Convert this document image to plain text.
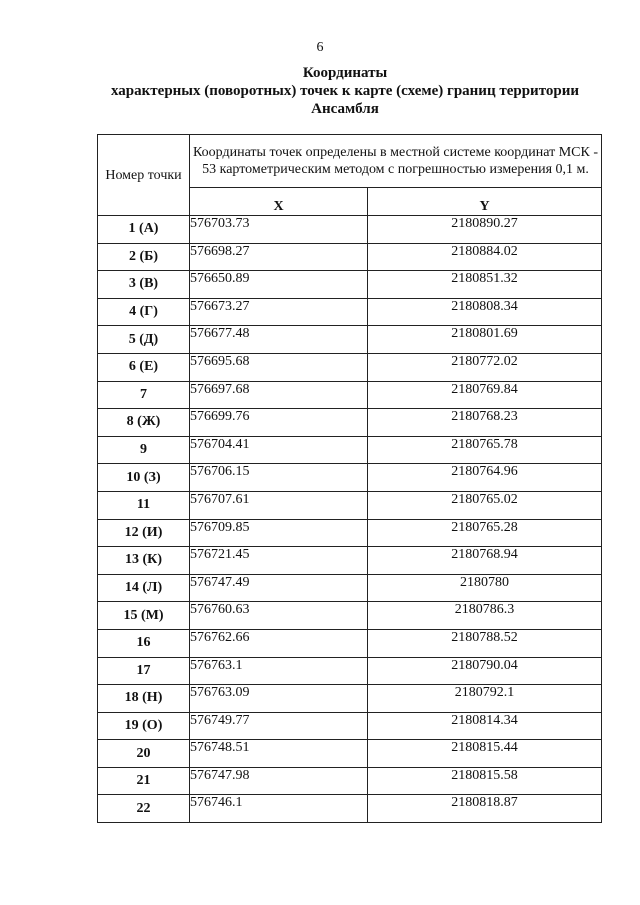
6
Координаты
характерных (поворотных) точек к карте (схеме) границ территории
Ансамбля
Номер точки	Координаты точек определены в местной системе координат МСК - 53 картометрическим методом с погрешностью измерения 0,1 м.	
	X	Y
1 (А)	576703.73	2180890.27
2 (Б)	576698.27	2180884.02
3 (В)	576650.89	2180851.32
4 (Г)	576673.27	2180808.34
5 (Д)	576677.48	2180801.69
6 (Е)	576695.68	2180772.02
7	576697.68	2180769.84
8 (Ж)	576699.76	2180768.23
9	576704.41	2180765.78
10 (З)	576706.15	2180764.96
11	576707.61	2180765.02
12 (И)	576709.85	2180765.28
13 (К)	576721.45	2180768.94
14 (Л)	576747.49	2180780
15 (М)	576760.63	2180786.3
16	576762.66	2180788.52
17	576763.1	2180790.04
18 (Н)	576763.09	2180792.1
19 (О)	576749.77	2180814.34
20	576748.51	2180815.44
21	576747.98	2180815.58
22	576746.1	2180818.87
